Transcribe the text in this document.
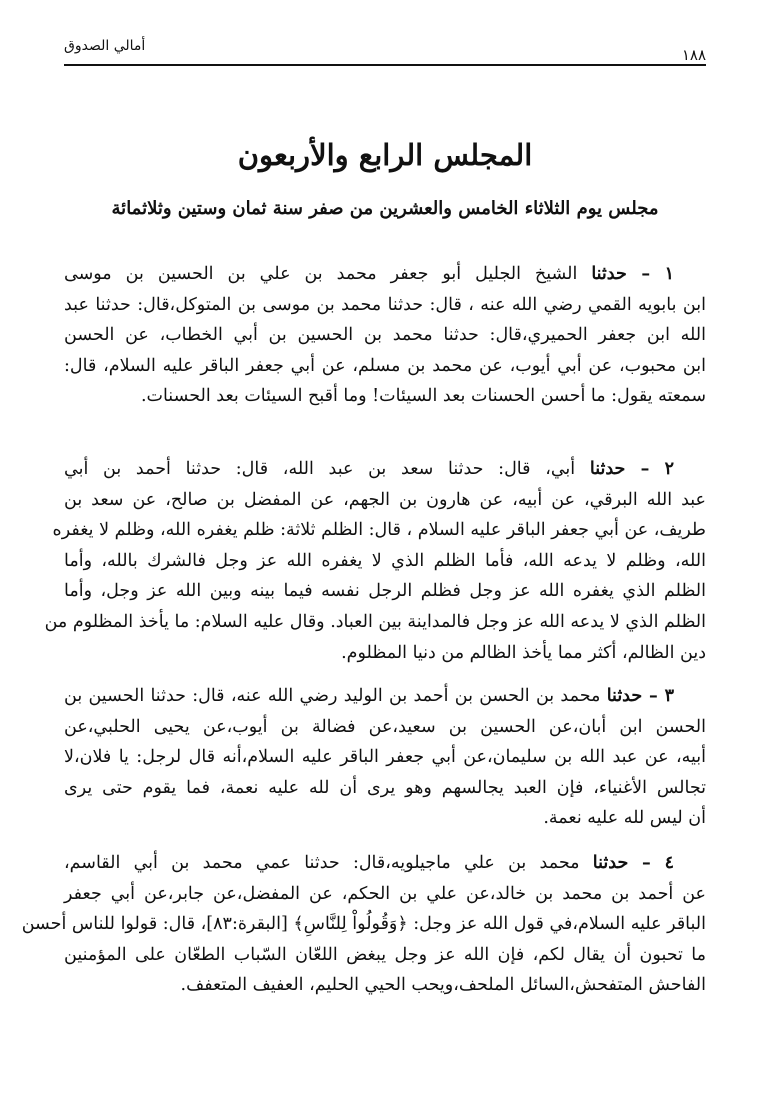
أمالي الصدوق	١٨٨
المجلس الرابع والأربعون
مجلس يوم الثلاثاء الخامس والعشرين من صفر سنة ثمان وستين وثلاثمائة
١ – حدثنا الشيخ الجليل أبو جعفر محمد بن علي بن الحسين بن موسى
ابن بابويه القمي رضي الله عنه ، قال: حدثنا محمد بن موسى بن المتوكل،قال: حدثنا عبد
الله ابن جعفر الحميري،قال: حدثنا محمد بن الحسين بن أبي الخطاب، عن الحسن
ابن محبوب، عن أبي أيوب، عن محمد بن مسلم، عن أبي جعفر الباقر عليه السلام، قال:
سمعته يقول: ما أحسن الحسنات بعد السيئات! وما أقبح السيئات بعد الحسنات.
٢ – حدثنا أبي، قال: حدثنا سعد بن عبد الله، قال: حدثنا أحمد بن أبي
عبد الله البرقي، عن أبيه، عن هارون بن الجهم، عن المفضل بن صالح، عن سعد بن
طريف، عن أبي جعفر الباقر عليه السلام ، قال: الظلم ثلاثة: ظلم يغفره الله، وظلم لا يغفره
الله، وظلم لا يدعه الله، فأما الظلم الذي لا يغفره الله عز وجل فالشرك بالله، وأما
الظلم الذي يغفره الله عز وجل فظلم الرجل نفسه فيما بينه وبين الله عز وجل، وأما
الظلم الذي لا يدعه الله عز وجل فالمداينة بين العباد. وقال عليه السلام: ما يأخذ المظلوم من
دين الظالم، أكثر مما يأخذ الظالم من دنيا المظلوم.
٣ – حدثنا محمد بن الحسن بن أحمد بن الوليد رضي الله عنه، قال: حدثنا الحسين بن
الحسن ابن أبان،عن الحسين بن سعيد،عن فضالة بن أيوب،عن يحيى الحلبي،عن
أبيه، عن عبد الله بن سليمان،عن أبي جعفر الباقر عليه السلام،أنه قال لرجل: يا فلان،لا
تجالس الأغنياء، فإن العبد يجالسهم وهو يرى أن لله عليه نعمة، فما يقوم حتى يرى
أن ليس لله عليه نعمة.
٤ – حدثنا محمد بن علي ماجيلويه،قال: حدثنا عمي محمد بن أبي القاسم،
عن أحمد بن محمد بن خالد،عن علي بن الحكم، عن المفضل،عن جابر،عن أبي جعفر
الباقر عليه السلام،في قول الله عز وجل: ﴿وَقُولُواْ لِلنَّاسِ﴾ [البقرة:٨٣]، قال: قولوا للناس أحسن
ما تحبون أن يقال لكم، فإن الله عز وجل يبغض اللعّان السّباب الطعّان على المؤمنين
الفاحش المتفحش،السائل الملحف،ويحب الحيي الحليم، العفيف المتعفف.
